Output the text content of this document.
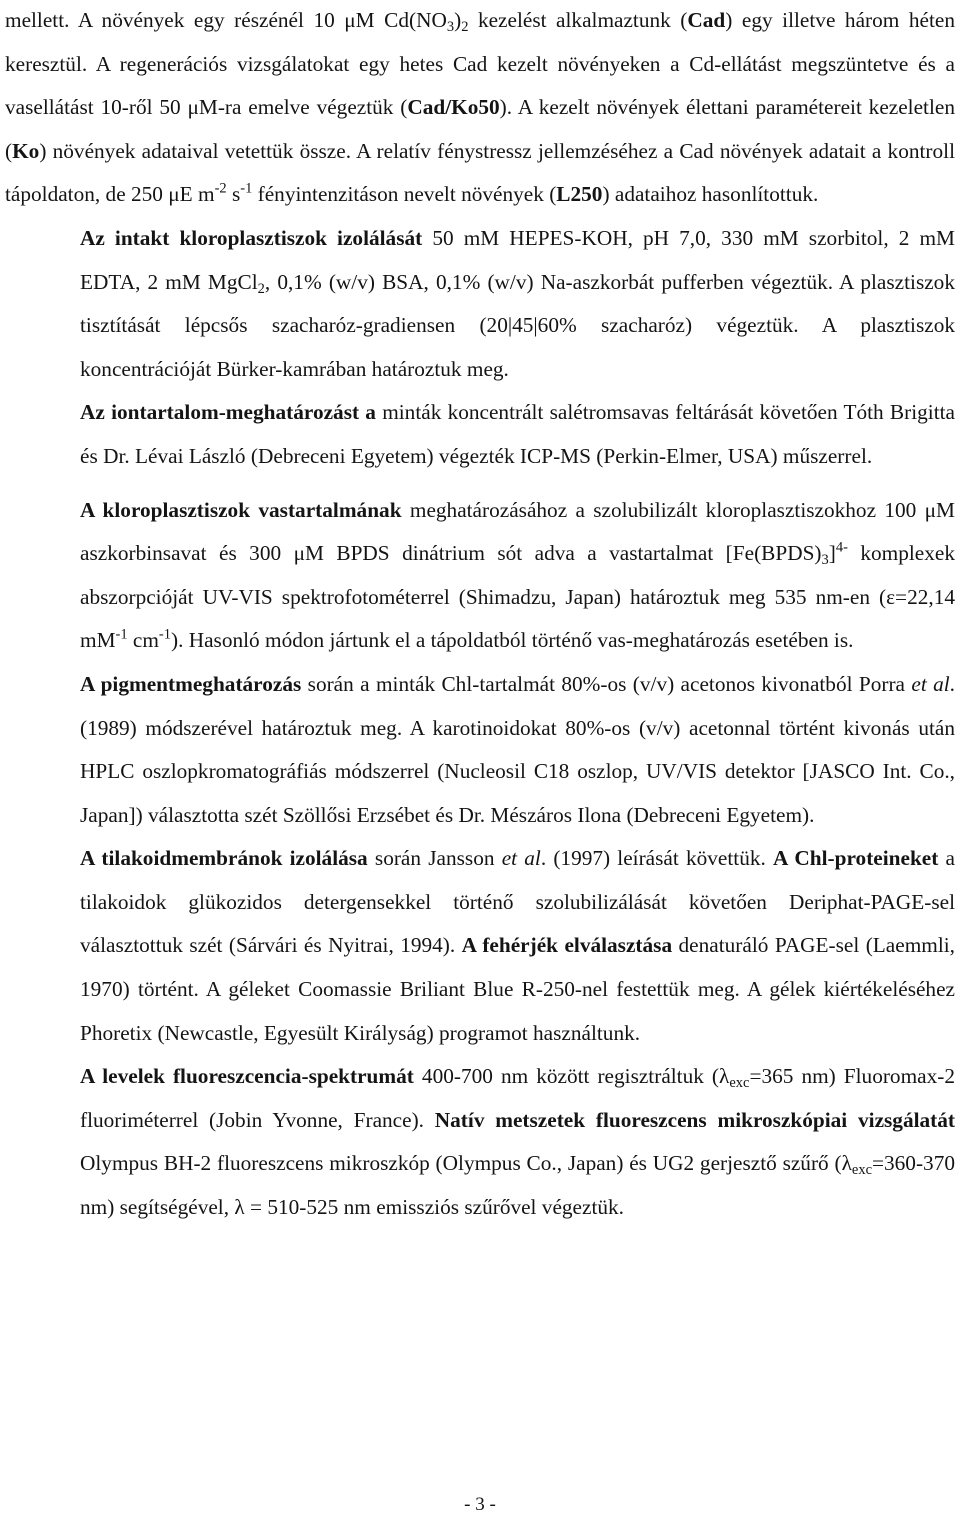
mellett. A növények egy részénél 10 μM $Cd(NO_3)_2$ kezelést alkalmaztunk (Cad) egy illetve három héten keresztül. A regenerációs vizsgálatokat egy hetes Cad kezelt növényeken a Cd-ellátást megszüntetve és a vasellátást 10-ről 50 μM-ra emelve végeztük (Cad/Ko50). A kezelt növények élettani paramétereit kezeletlen (Ko) növények adataival vetettük össze. A relatív fénystressz jellemzéséhez a Cad növények adatait a kontroll tápoldaton, de 250 μE $m^{-2}$ $s^{-1}$ fényintenzitáson nevelt növények (L250) adataihoz hasonlítottuk.

Az intakt kloroplasztiszok izolálását 50 mM HEPES-KOH, pH 7,0, 330 mM szorbitol, 2 mM EDTA, 2 mM MgCl$_2$, 0,1% (w/v) BSA, 0,1% (w/v) Na-aszkorbát pufferben végeztük. A plasztiszok tisztítását lépcsős szacharóz-gradiensen (20|45|60% szacharóz) végeztük. A plasztiszok koncentrációját Bürker-kamrában határoztuk meg.

Az iontartalom-meghatározást a minták koncentrált salétromsavas feltárását követően Tóth Brigitta és Dr. Lévai László (Debreceni Egyetem) végezték ICP-MS (Perkin-Elmer, USA) műszerrel.

A kloroplasztiszok vastartalmának meghatározásához a szolubilizált kloroplasztiszokhoz 100 μM aszkorbinsavat és 300 μM BPDS dinátrium sót adva a vastartalmat $[Fe(BPDS)_3]^{4-}$ komplexek abszorpcióját UV-VIS spektrofotométerrel (Shimadzu, Japan) határoztuk meg 535 nm-en (ε=22,14 $mM^{-1}$ $cm^{-1}$). Hasonló módon jártunk el a tápoldatból történő vas-meghatározás esetében is.

A pigmentmeghatározás során a minták Chl-tartalmát 80%-os (v/v) acetonos kivonatból Porra et al. (1989) módszerével határoztuk meg. A karotinoidokat 80%-os (v/v) acetonnal történt kivonás után HPLC oszlopkromatográfiás módszerrel (Nucleosil C18 oszlop, UV/VIS detektor [JASCO Int. Co., Japan]) választotta szét Szöllősi Erzsébet és Dr. Mészáros Ilona (Debreceni Egyetem).

A tilakoidmembránok izolálása során Jansson et al. (1997) leírását követtük. A Chl-proteineket a tilakoidok glükozidos detergensekkel történő szolubilizálását követően Deriphat-PAGE-sel választottuk szét (Sárvári és Nyitrai, 1994). A fehérjék elválasztása denaturáló PAGE-sel (Laemmli, 1970) történt. A géleket Coomassie Briliant Blue R-250-nel festettük meg. A gélek kiértékeléséhez Phoretix (Newcastle, Egyesült Királyság) programot használtunk.

A levelek fluoreszcencia-spektrumát 400-700 nm között regisztráltuk ($\lambda_{exc}=365$ nm) Fluoromax-2 fluoriméterrel (Jobin Yvonne, France). Natív metszetek fluoreszcens mikroszkópiai vizsgálatát Olympus BH-2 fluoreszcens mikroszkóp (Olympus Co., Japan) és UG2 gerjesztő szűrő ($\lambda_{exc}=360-370$ nm) segítségével, λ = 510-525 nm emissziós szűrővel végeztük.

- 3 -
